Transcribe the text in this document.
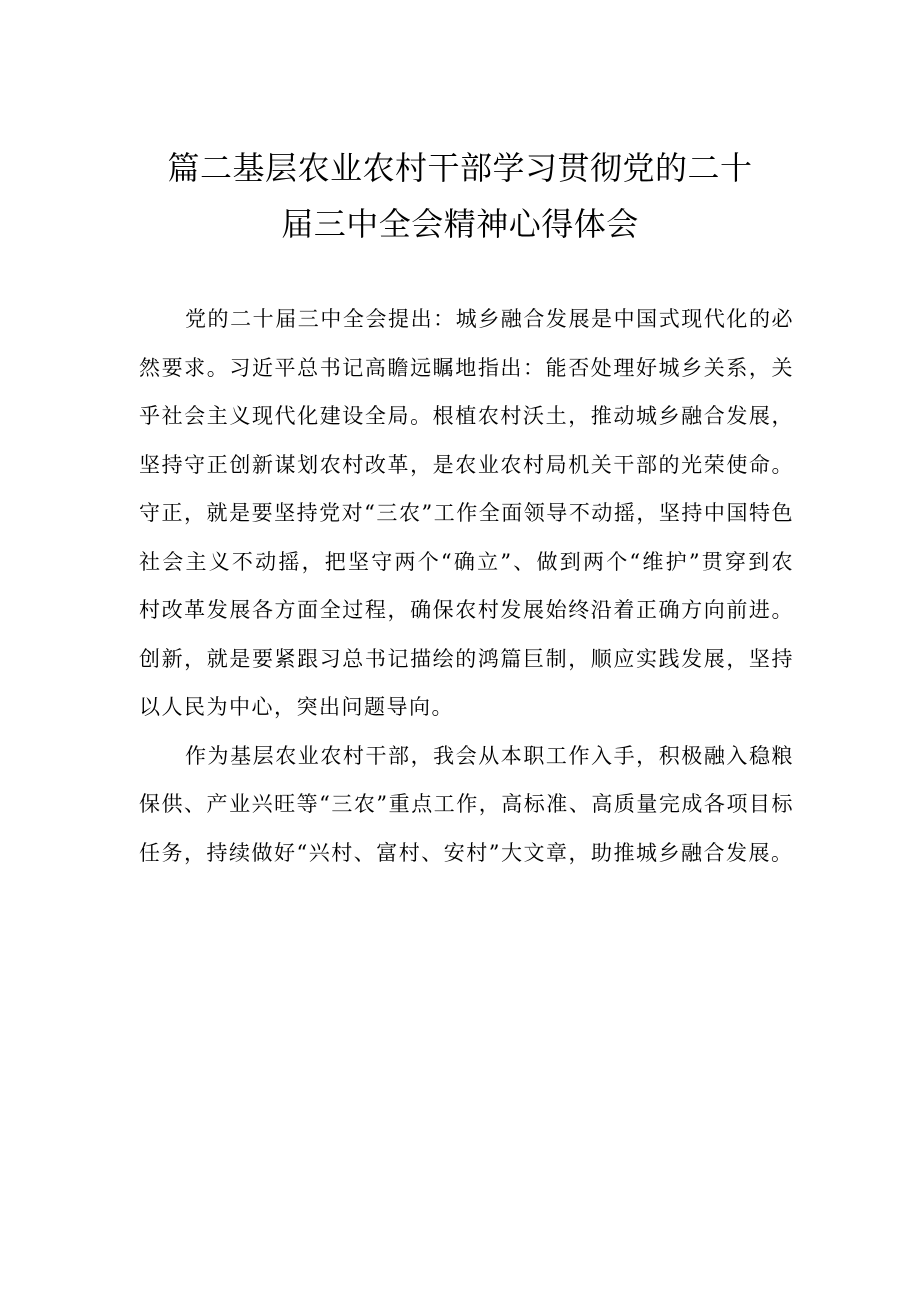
篇二基层农业农村干部学习贯彻党的二十
届三中全会精神心得体会

党的二十届三中全会提出：城乡融合发展是中国式现代化的必然要求。习近平总书记高瞻远瞩地指出：能否处理好城乡关系，关乎社会主义现代化建设全局。根植农村沃土，推动城乡融合发展，坚持守正创新谋划农村改革，是农业农村局机关干部的光荣使命。守正，就是要坚持党对“三农”工作全面领导不动摇，坚持中国特色社会主义不动摇，把坚守两个“确立”、做到两个“维护”贯穿到农村改革发展各方面全过程，确保农村发展始终沿着正确方向前进。创新，就是要紧跟习总书记描绘的鸿篇巨制，顺应实践发展，坚持以人民为中心，突出问题导向。

作为基层农业农村干部，我会从本职工作入手，积极融入稳粮保供、产业兴旺等“三农”重点工作，高标准、高质量完成各项目标任务，持续做好“兴村、富村、安村”大文章，助推城乡融合发展。
